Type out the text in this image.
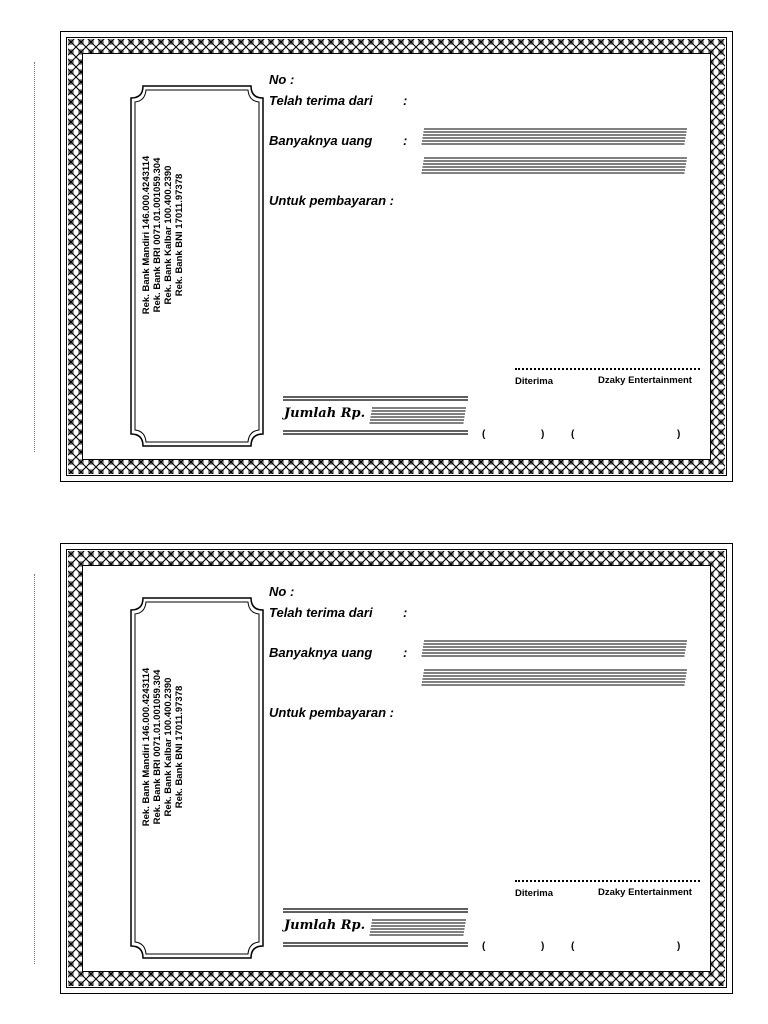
Rek. Bank Mandiri 146.000.4243114 Rek. Bank BRI 0071.01.001059.304 Rek. Bank Kalbar 100.400.2390 Rek. Bank BNI 17011.97378
No :
Telah terima dari :
Banyaknya uang :
Untuk pembayaran :
Diterima	Dzaky Entertainment
Jumlah Rp.
(	)	(	)
Rek. Bank Mandiri 146.000.4243114 Rek. Bank BRI 0071.01.001059.304 Rek. Bank Kalbar 100.400.2390 Rek. Bank BNI 17011.97378
No :
Telah terima dari :
Banyaknya uang :
Untuk pembayaran :
Diterima	Dzaky Entertainment
Jumlah Rp.
(	)	(	)
